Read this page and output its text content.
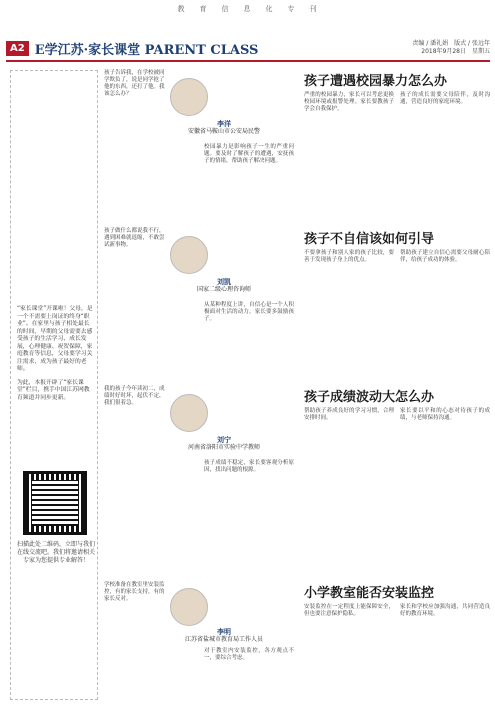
教 育 信 息 化 专 刊
A2 E学江苏·家长课堂 PARENT CLASS	责编 / 潘礼娟　版式 / 张远年
2018年9月28日　星期五
“家长课堂”开课啦！父母，是一个不需要上岗证的终身“职业”。在家里与孩子相处最长的时间，早期的父母需要去感受孩子的生活学习、成长发展，心理健康、祝贺保障，家庭教育等信息，父母要学习关注需求，成为孩子最好的老师。
为此，本报开辟了“家长课堂”栏目，携手中国江苏网教育频道并同步更新。
扫描此处二维码，立即与我们在线交流吧。我们将邀请相关专家为您提供专业解答！
孩子告诉我，在学校被同学欺负了，说是同学抢了他的东西，还打了他。我该怎么办？
李洋
安徽省马鞍山市公安局民警
孩子遭遇校园暴力怎么办
校园暴力是影响孩子一生的严重问题。要及时了解孩子的遭遇，安抚孩子的情绪，帮助孩子解决问题。
严重的校园暴力，家长可以考虑更换校园环境或报警处理。家长要教孩子学会自我保护。
孩子的成长需要父母陪伴，及时沟通，营造良好的家庭环境。
孩子做什么都说我不行，遇到困难就退缩，不敢尝试新事物。
刘凯
国家二级心理咨询师
孩子不自信该如何引导
从某种程度上讲，自信心是一个人积极面对生活的动力。家长要多鼓励孩子。
不要拿孩子和别人家的孩子比较，要善于发现孩子身上的优点。
帮助孩子建立自信心需要父母耐心陪伴，给孩子成功的体验。
我的孩子今年读初二，成绩时好时坏，起伏不定，我们很着急。
刘宁
河南省洛阳市实验中学教师
孩子成绩波动大怎么办
孩子成绩不稳定，家长要客观分析原因，找出问题的根源。
帮助孩子养成良好的学习习惯，合理安排时间。
家长要以平和的心态对待孩子的成绩，与老师保持沟通。
学校准备在教室里安装监控，有的家长支持，有的家长反对。
李明
江苏省盐城市教育局工作人员
小学教室能否安装监控
对于教室内安装监控，各方观点不一，要综合考虑。
安装监控在一定程度上能保障安全，但也要注意保护隐私。
家长和学校应加强沟通，共同营造良好的教育环境。
